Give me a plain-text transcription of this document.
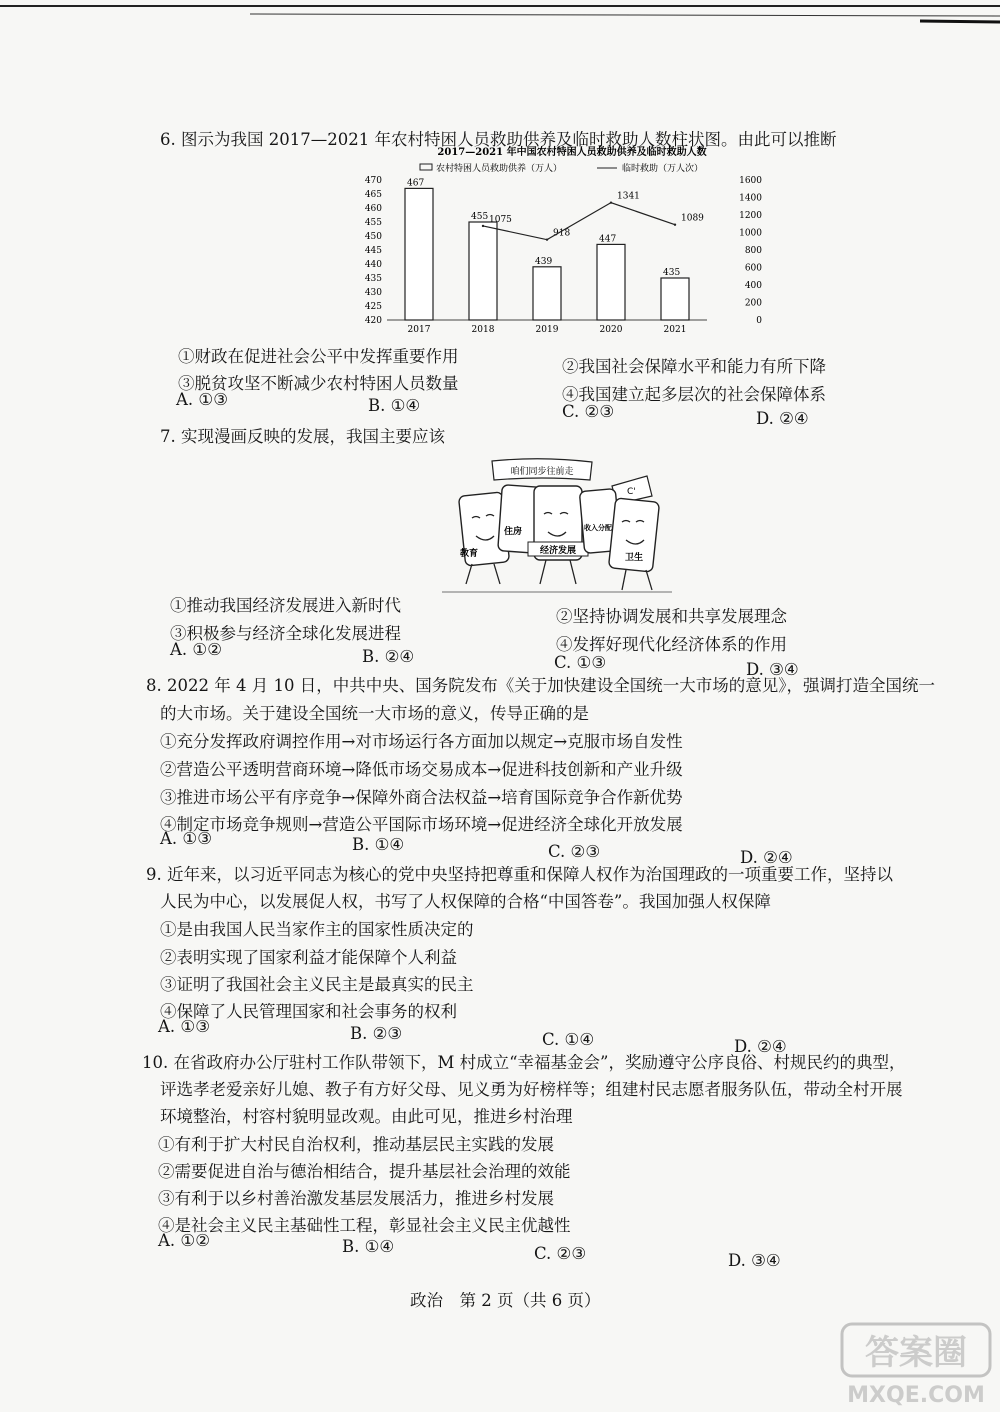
6. 图示为我国 2017—2021 年农村特困人员救助供养及临时救助人数柱状图。由此可以推断
2017—2021 年中国农村特困人员救助供养及临时救助人数
农村特困人员救助供养（万人）	临时救助（万人次）
470
465
460
455
450
445
440
435
430
425
420
1600
1400
1200
1000
800
600
400
200
0
467
2017
455
2018
439
2019
447
2020
435
2021
1075
918
1341
1089
①财政在促进社会公平中发挥重要作用
②我国社会保障水平和能力有所下降
③脱贫攻坚不断减少农村特困人员数量
④我国建立起多层次的社会保障体系
A. ①③	B. ①④	C. ②③	D. ②④
7. 实现漫画反映的发展，我国主要应该
咱们同步往前走
C'
教育
住房
经济发展
收入分配
卫生
①推动我国经济发展进入新时代
②坚持协调发展和共享发展理念
③积极参与经济全球化发展进程
④发挥好现代化经济体系的作用
A. ①②	B. ②④	C. ①③	D. ③④
8. 2022 年 4 月 10 日，中共中央、国务院发布《关于加快建设全国统一大市场的意见》，强调打造全国统一
的大市场。关于建设全国统一大市场的意义，传导正确的是
①充分发挥政府调控作用→对市场运行各方面加以规定→克服市场自发性
②营造公平透明营商环境→降低市场交易成本→促进科技创新和产业升级
③推进市场公平有序竞争→保障外商合法权益→培育国际竞争合作新优势
④制定市场竞争规则→营造公平国际市场环境→促进经济全球化开放发展
A. ①③	B. ①④	C. ②③	D. ②④
9. 近年来，以习近平同志为核心的党中央坚持把尊重和保障人权作为治国理政的一项重要工作，坚持以
人民为中心，以发展促人权，书写了人权保障的合格“中国答卷”。我国加强人权保障
①是由我国人民当家作主的国家性质决定的
②表明实现了国家利益才能保障个人利益
③证明了我国社会主义民主是最真实的民主
④保障了人民管理国家和社会事务的权利
A. ①③	B. ②③	C. ①④	D. ②④
10. 在省政府办公厅驻村工作队带领下，M 村成立“幸福基金会”，奖励遵守公序良俗、村规民约的典型，
评选孝老爱亲好儿媳、教子有方好父母、见义勇为好榜样等；组建村民志愿者服务队伍，带动全村开展
环境整治，村容村貌明显改观。由此可见，推进乡村治理
①有利于扩大村民自治权利，推动基层民主实践的发展
②需要促进自治与德治相结合，提升基层社会治理的效能
③有利于以乡村善治激发基层发展活力，推进乡村发展
④是社会主义民主基础性工程，彰显社会主义民主优越性
A. ①②	B. ①④	C. ②③	D. ③④
政治　第 2 页（共 6 页）
答案圈
MXQE.COM
